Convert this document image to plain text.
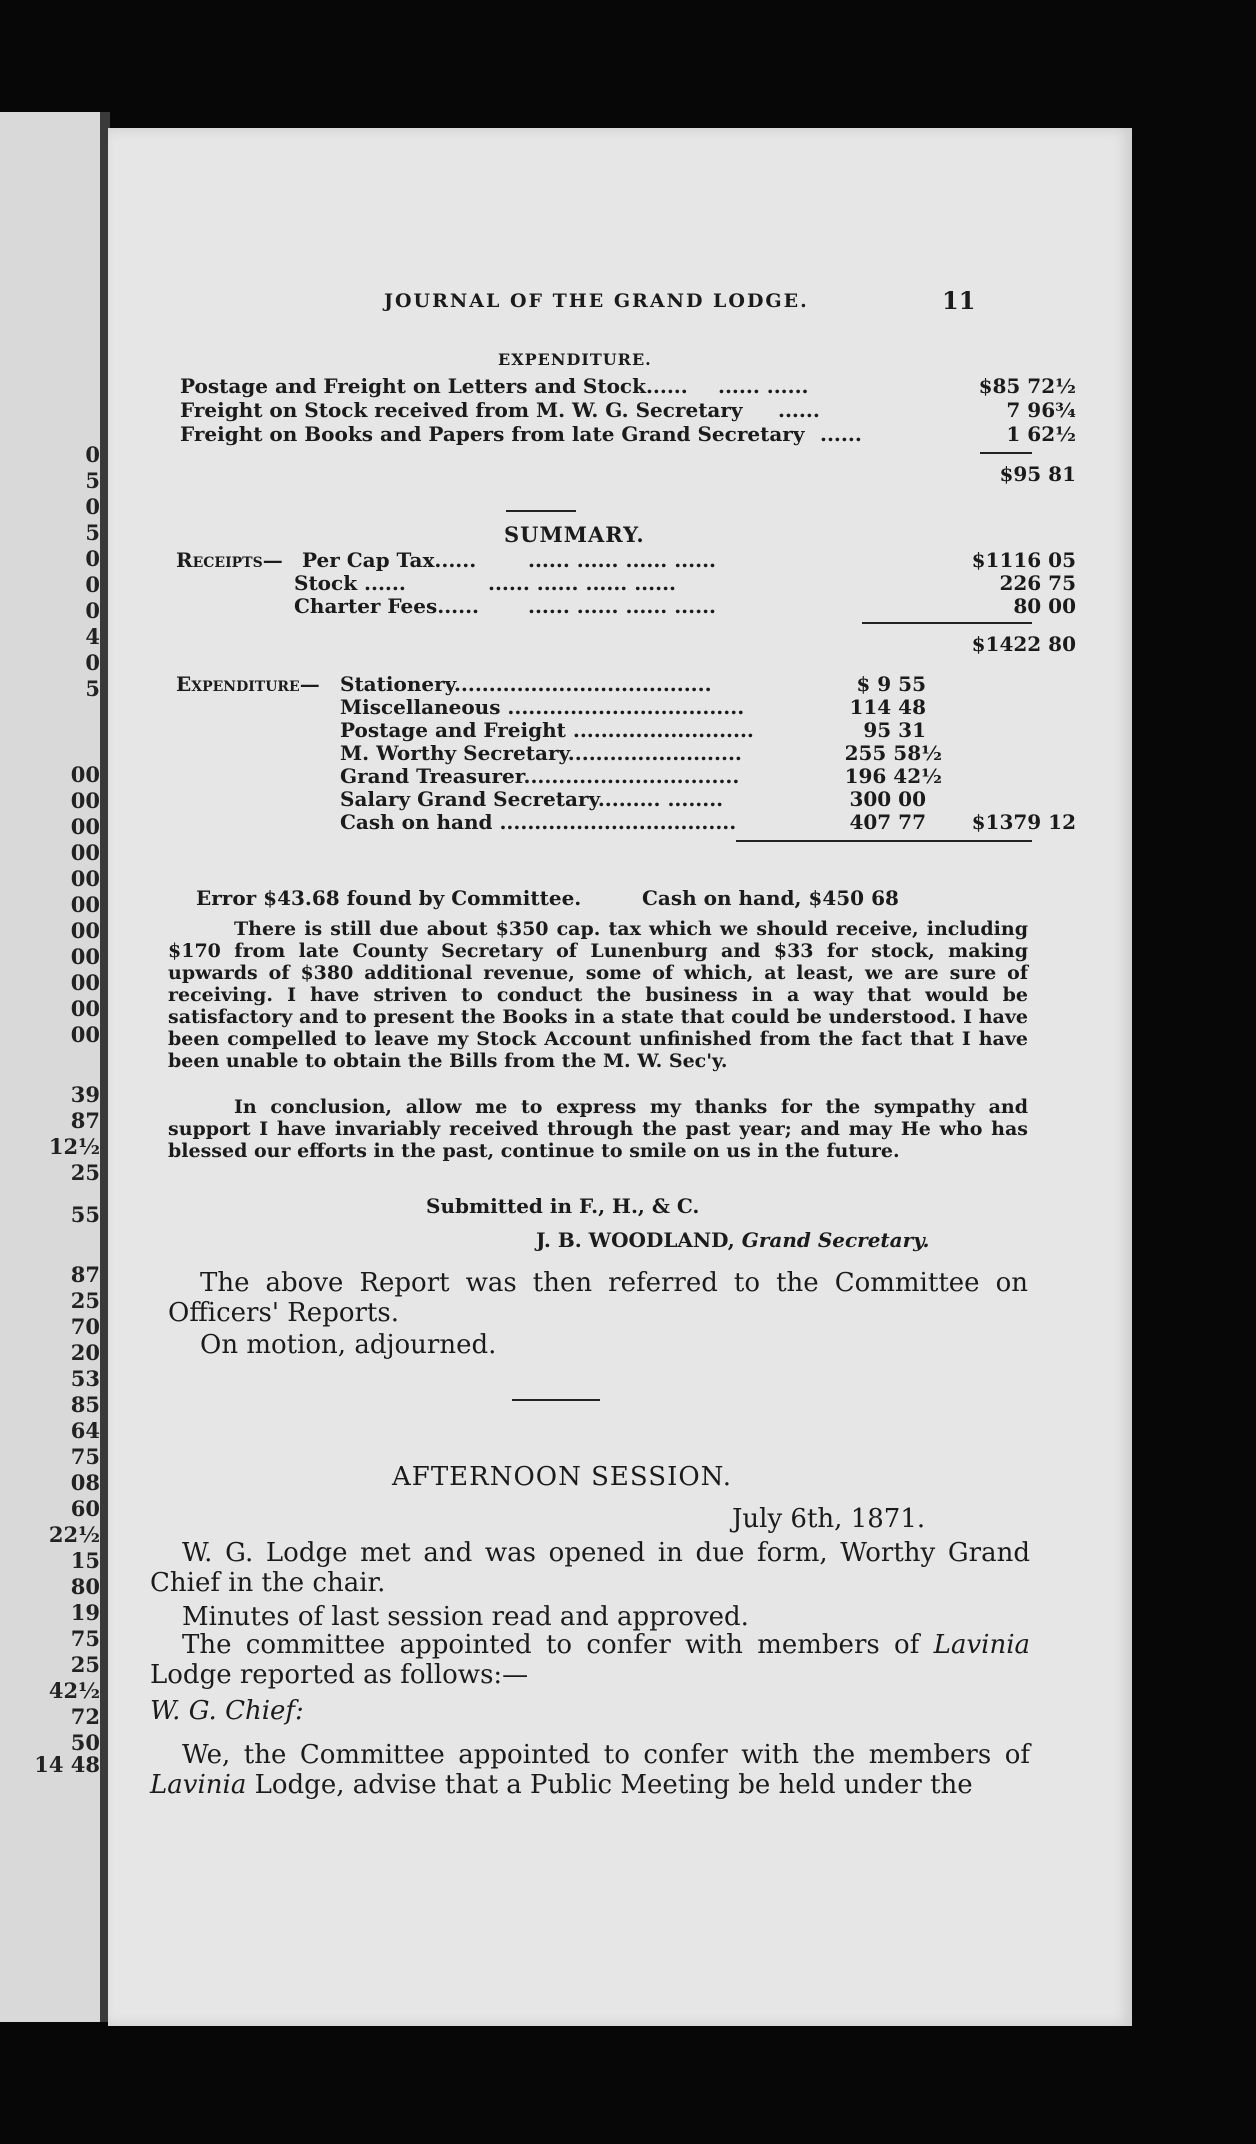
0
5
0
5
0
0
0
4
0
5
00
00
00
00
00
00
00
00
00
00
00
39
87
12½
25
55
87
25
70
20
53
85
64
75
08
60
22½
15
80
19
75
25
42½
72
50
14 48
JOURNAL OF THE GRAND LODGE.	11
EXPENDITURE.
Postage and Freight on Letters and Stock...... ...... ......	$85 72½
Freight on Stock received from M. W. G. Secretary ......	7 96¾
Freight on Books and Papers from late Grand Secretary ......	1 62½
$95 81
SUMMARY.
Receipts— Per Cap Tax......	...... ...... ...... ......	$1116 05
Stock ......	...... ...... ...... ......	226 75
Charter Fees...... ...... ...... ...... ......	80 00
$1422 80
Expenditure— Stationery.....................................	$ 9 55
Miscellaneous ..................................	114 48
Postage and Freight ..........................	95 31
M. Worthy Secretary.........................	255 58½
Grand Treasurer...............................	196 42½
Salary Grand Secretary......... ........	300 00
Cash on hand ..................................	407 77 $1379 12
Error $43.68 found by Committee.	Cash on hand, $450 68
There is still due about $350 cap. tax which we should receive, including $170 from late County Secretary of Lunenburg and $33 for stock, making upwards of $380 additional revenue, some of which, at least, we are sure of receiving. I have striven to conduct the business in a way that would be satisfactory and to present the Books in a state that could be understood. I have been compelled to leave my Stock Account unfinished from the fact that I have been unable to obtain the Bills from the M. W. Sec'y.
In conclusion, allow me to express my thanks for the sympathy and support I have invariably received through the past year; and may He who has blessed our efforts in the past, continue to smile on us in the future.
Submitted in F., H., & C.
J. B. WOODLAND, Grand Secretary.
The above Report was then referred to the Committee on Officers' Reports.
On motion, adjourned.
AFTERNOON SESSION.
July 6th, 1871.
W. G. Lodge met and was opened in due form, Worthy Grand Chief in the chair.
Minutes of last session read and approved.
The committee appointed to confer with members of Lavinia Lodge reported as follows:—
W. G. Chief:
We, the Committee appointed to confer with the members of Lavinia Lodge, advise that a Public Meeting be held under the
